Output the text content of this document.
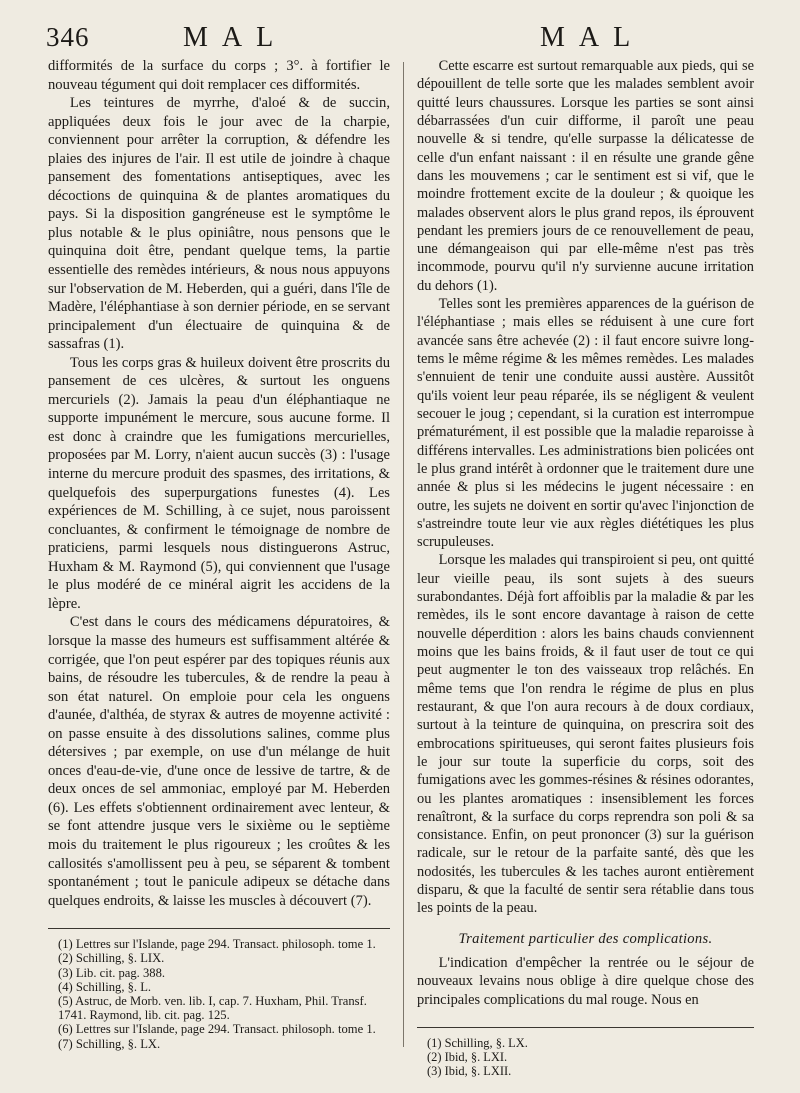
346	MAL	MAL

difformités de la surface du corps ; 3°. à fortifier le nouveau tégument qui doit remplacer ces difformités.

Les teintures de myrrhe, d'aloé & de succin, appliquées deux fois le jour avec de la charpie, conviennent pour arrêter la corruption, & défendre les plaies des injures de l'air. Il est utile de joindre à chaque pansement des fomentations antiseptiques, avec les décoctions de quinquina & de plantes aromatiques du pays. Si la disposition gangréneuse est le symptôme le plus notable & le plus opiniâtre, nous pensons que le quinquina doit être, pendant quelque tems, la partie essentielle des remèdes intérieurs, & nous nous appuyons sur l'observation de M. Heberden, qui a guéri, dans l'île de Madère, l'éléphantiase à son dernier période, en se servant principalement d'un électuaire de quinquina & de sassafras (1).

Tous les corps gras & huileux doivent être proscrits du pansement de ces ulcères, & surtout les onguens mercuriels (2). Jamais la peau d'un éléphantiaque ne supporte impunément le mercure, sous aucune forme. Il est donc à craindre que les fumigations mercurielles, proposées par M. Lorry, n'aient aucun succès (3) : l'usage interne du mercure produit des spasmes, des irritations, & quelquefois des superpurgations funestes (4). Les expériences de M. Schilling, à ce sujet, nous paroissent concluantes, & confirment le témoignage de nombre de praticiens, parmi lesquels nous distinguerons Astruc, Huxham & M. Raymond (5), qui conviennent que l'usage le plus modéré de ce minéral aigrit les accidens de la lèpre.

C'est dans le cours des médicamens dépuratoires, & lorsque la masse des humeurs est suffisamment altérée & corrigée, que l'on peut espérer par des topiques réunis aux bains, de résoudre les tubercules, & de rendre la peau à son état naturel. On emploie pour cela les onguens d'aunée, d'althéa, de styrax & autres de moyenne activité : on passe ensuite à des dissolutions salines, comme plus détersives ; par exemple, on use d'un mélange de huit onces d'eau-de-vie, d'une once de lessive de tartre, & de deux onces de sel ammoniac, employé par M. Heberden (6). Les effets s'obtiennent ordinairement avec lenteur, & se font attendre jusque vers le sixième ou le septième mois du traitement le plus rigoureux ; les croûtes & les callosités s'amollissent peu à peu, se séparent & tombent spontanément ; tout le panicule adipeux se détache dans quelques endroits, & laisse les muscles à découvert (7).

(1) Lettres sur l'Islande, page 294. Transact. philosoph. tome 1.
(2) Schilling, §. LIX.
(3) Lib. cit. pag. 388.
(4) Schilling, §. L.
(5) Astruc, de Morb. ven. lib. I, cap. 7. Huxham, Phil. Transf. 1741. Raymond, lib. cit. pag. 125.
(6) Lettres sur l'Islande, page 294. Transact. philosoph. tome 1.
(7) Schilling, §. LX.

Cette escarre est surtout remarquable aux pieds, qui se dépouillent de telle sorte que les malades semblent avoir quitté leurs chaussures. Lorsque les parties se sont ainsi débarrassées d'un cuir difforme, il paroît une peau nouvelle & si tendre, qu'elle surpasse la délicatesse de celle d'un enfant naissant : il en résulte une grande gêne dans les mouvemens ; car le sentiment est si vif, que le moindre frottement excite de la douleur ; & quoique les malades observent alors le plus grand repos, ils éprouvent pendant les premiers jours de ce renouvellement de peau, une démangeaison qui par elle-même n'est pas très incommode, pourvu qu'il n'y survienne aucune irritation du dehors (1).

Telles sont les premières apparences de la guérison de l'éléphantiase ; mais elles se réduisent à une cure fort avancée sans être achevée (2) : il faut encore suivre long-tems le même régime & les mêmes remèdes. Les malades s'ennuient de tenir une conduite aussi austère. Aussitôt qu'ils voient leur peau réparée, ils se négligent & veulent secouer le joug ; cependant, si la curation est interrompue prématurément, il est possible que la maladie reparoisse à différens intervalles. Les administrations bien policées ont le plus grand intérêt à ordonner que le traitement dure une année & plus si les médecins le jugent nécessaire : en outre, les sujets ne doivent en sortir qu'avec l'injonction de s'astreindre toute leur vie aux règles diététiques les plus scrupuleuses.

Lorsque les malades qui transpiroient si peu, ont quitté leur vieille peau, ils sont sujets à des sueurs surabondantes. Déjà fort affoiblis par la maladie & par les remèdes, ils le sont encore davantage à raison de cette nouvelle déperdition : alors les bains chauds conviennent moins que les bains froids, & il faut user de tout ce qui peut augmenter le ton des vaisseaux trop relâchés. En même tems que l'on rendra le régime de plus en plus restaurant, & que l'on aura recours à de doux cordiaux, surtout à la teinture de quinquina, on prescrira soit des embrocations spiritueuses, qui seront faites plusieurs fois le jour sur toute la superficie du corps, soit des fumigations avec les gommes-résines & résines odorantes, ou les plantes aromatiques : insensiblement les forces renaîtront, & la surface du corps reprendra son poli & sa consistance. Enfin, on peut prononcer (3) sur la guérison radicale, sur le retour de la parfaite santé, dès que les nodosités, les tubercules & les taches auront entièrement disparu, & que la faculté de sentir sera rétablie dans tous les points de la peau.

Traitement particulier des complications.

L'indication d'empêcher la rentrée ou le séjour de nouveaux levains nous oblige à dire quelque chose des principales complications du mal rouge. Nous en

(1) Schilling, §. LX.
(2) Ibid, §. LXI.
(3) Ibid, §. LXII.
